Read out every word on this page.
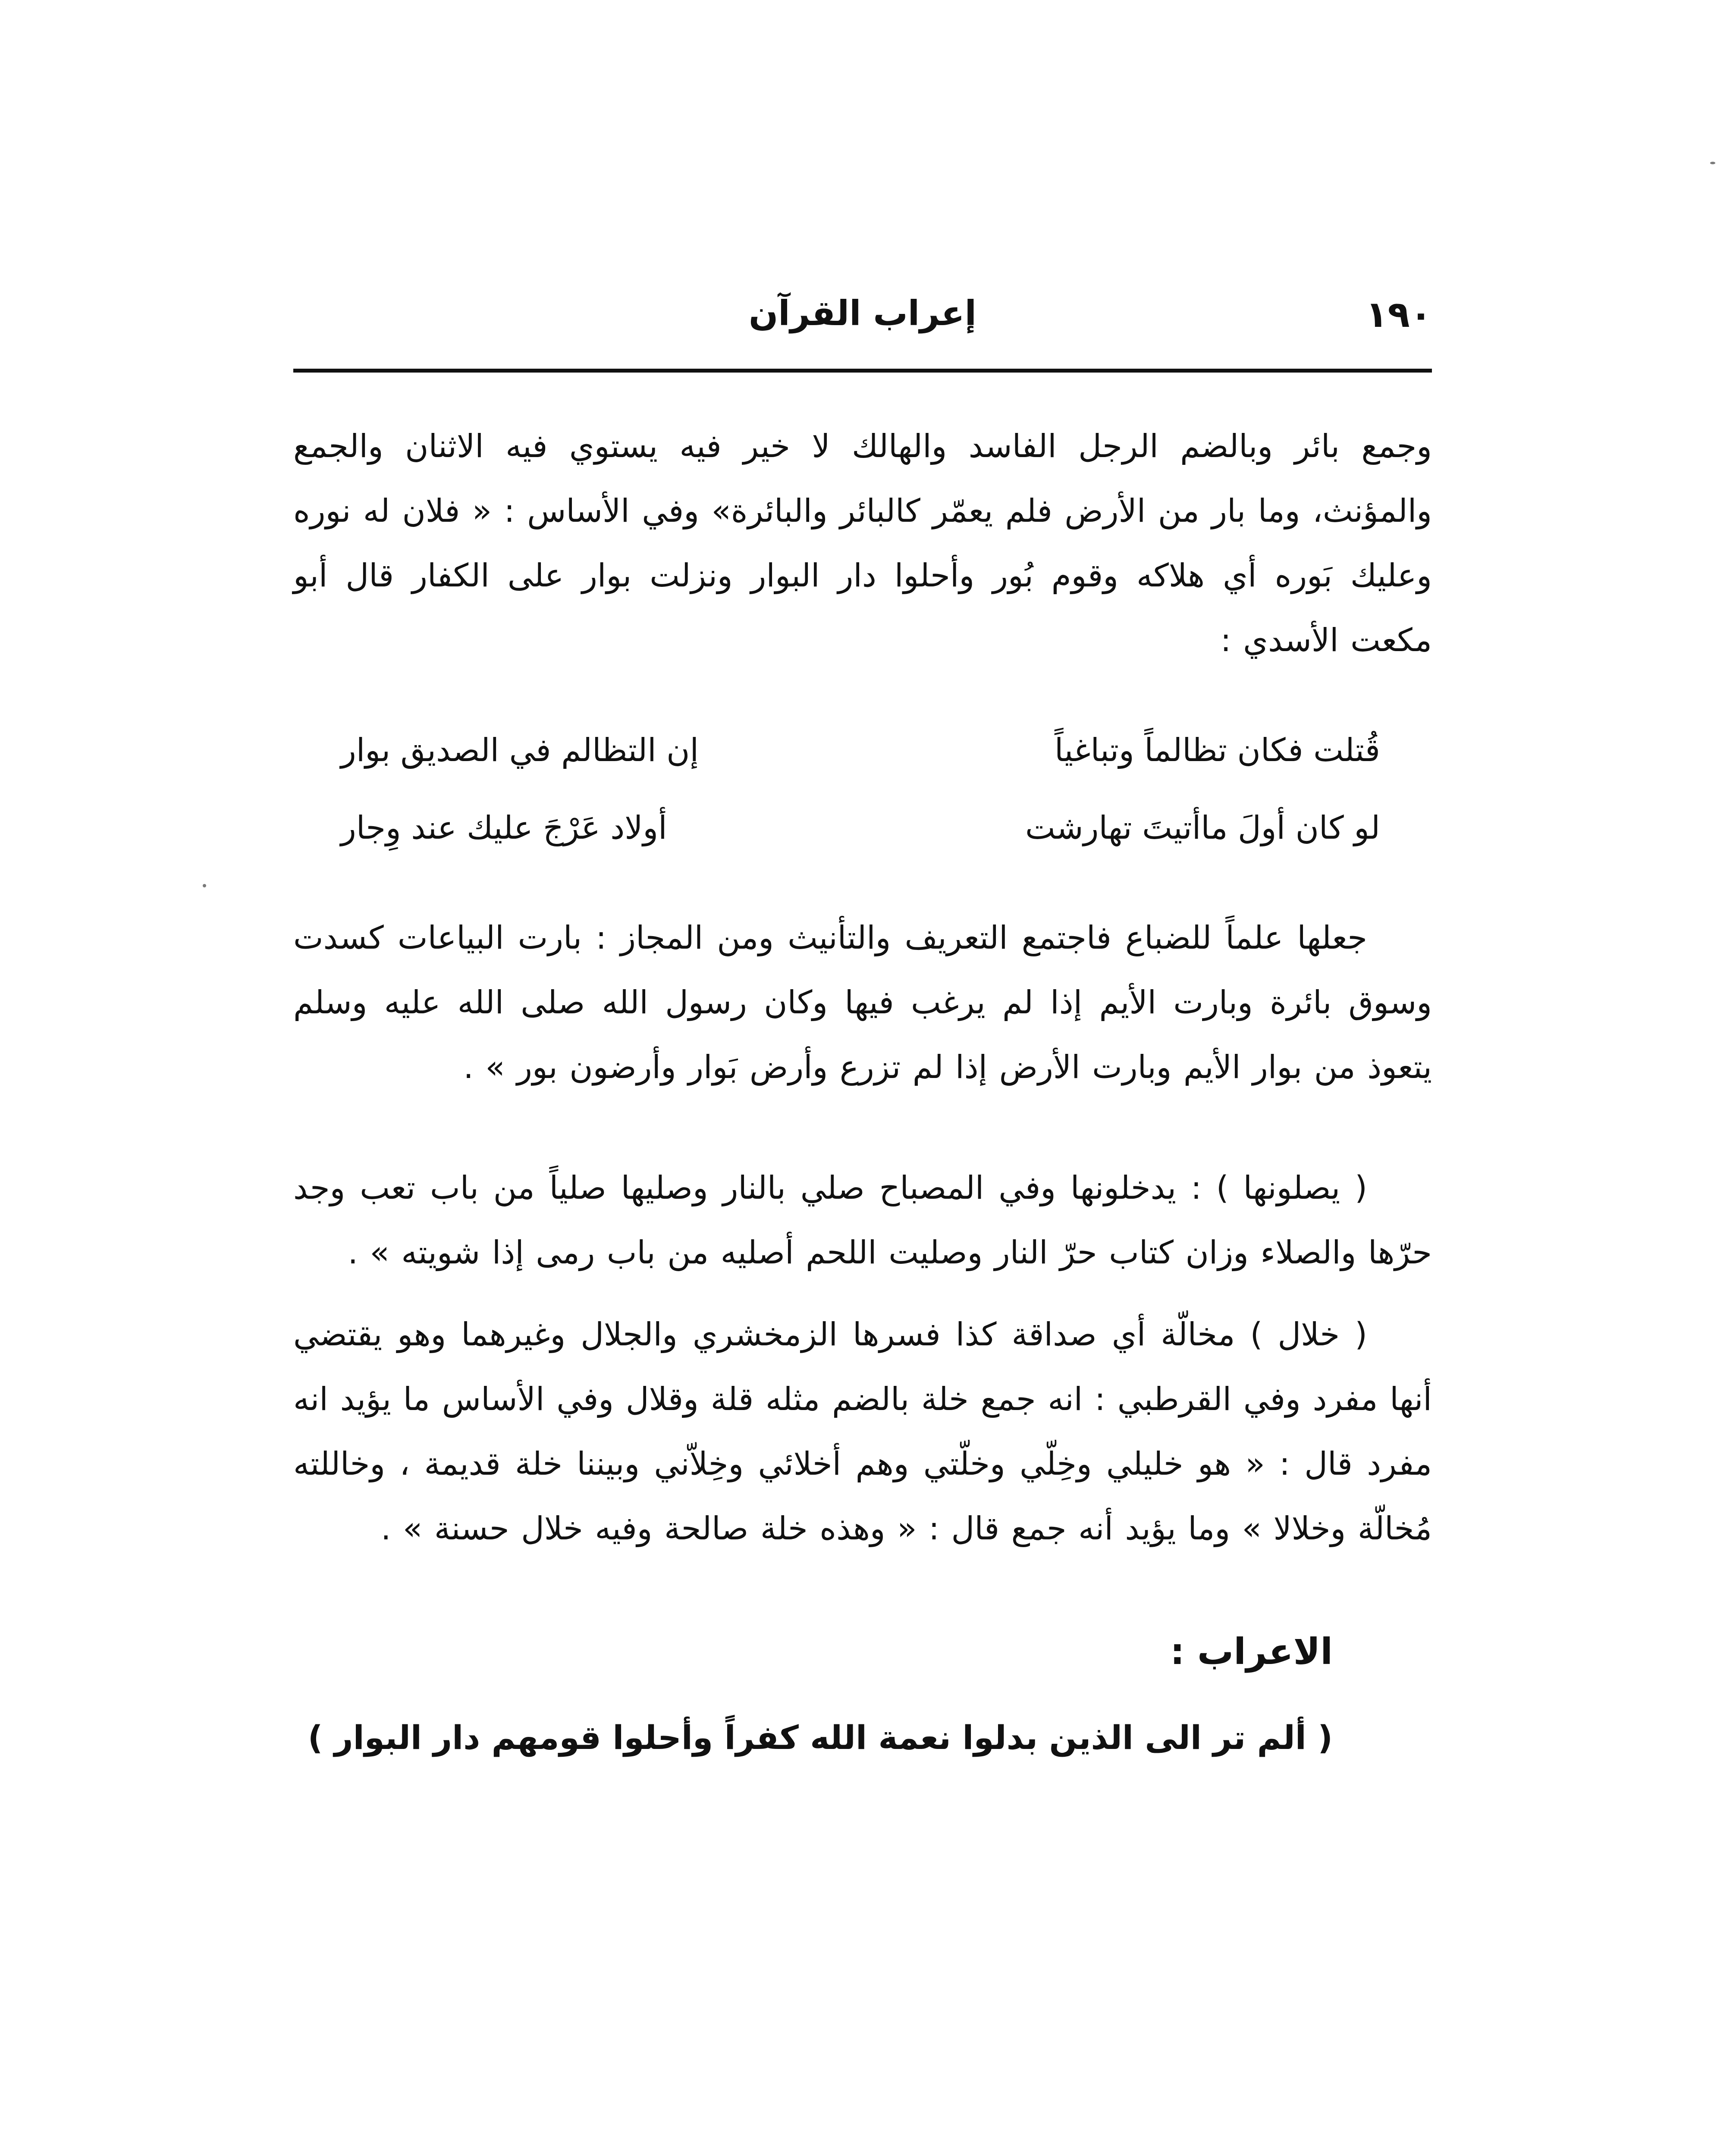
١٩٠
إعراب القرآن

وجمع بائر وبالضم الرجل الفاسد والهالك لا خير فيه يستوي فيه الاثنان والجمع والمؤنث، وما بار من الأرض فلم يعمّر كالبائر والبائرة» وفي الأساس : « فلان له نوره وعليك بَوره أي هلاكه وقوم بُور وأحلوا دار البوار ونزلت بوار على الكفار قال أبو مكعت الأسدي :

قُتلت فكان تظالماً وتباغياً
إن التظالم في الصديق بوار
لو كان أولَ ماأتيتَ تهارشت
أولاد عَرْجَ عليك عند وِجار

جعلها علماً للضباع فاجتمع التعريف والتأنيث ومن المجاز : بارت البياعات كسدت وسوق بائرة وبارت الأيم إذا لم يرغب فيها وكان رسول الله صلى الله عليه وسلم يتعوذ من بوار الأيم وبارت الأرض إذا لم تزرع وأرض بَوار وأرضون بور » .

( يصلونها ) : يدخلونها وفي المصباح صلي بالنار وصليها صلياً من باب تعب وجد حرّها والصلاء وزان كتاب حرّ النار وصليت اللحم أصليه من باب رمى إذا شويته » .

( خلال ) مخالّة أي صداقة كذا فسرها الزمخشري والجلال وغيرهما وهو يقتضي أنها مفرد وفي القرطبي : انه جمع خلة بالضم مثله قلة وقلال وفي الأساس ما يؤيد انه مفرد قال : « هو خليلي وخِلّي وخلّتي وهم أخلائي وخِلاّني وبيننا خلة قديمة ، وخاللته مُخالّة وخلالا » وما يؤيد أنه جمع قال : « وهذه خلة صالحة وفيه خلال حسنة » .

الاعراب :

( ألم تر الى الذين بدلوا نعمة الله كفراً وأحلوا قومهم دار البوار )
